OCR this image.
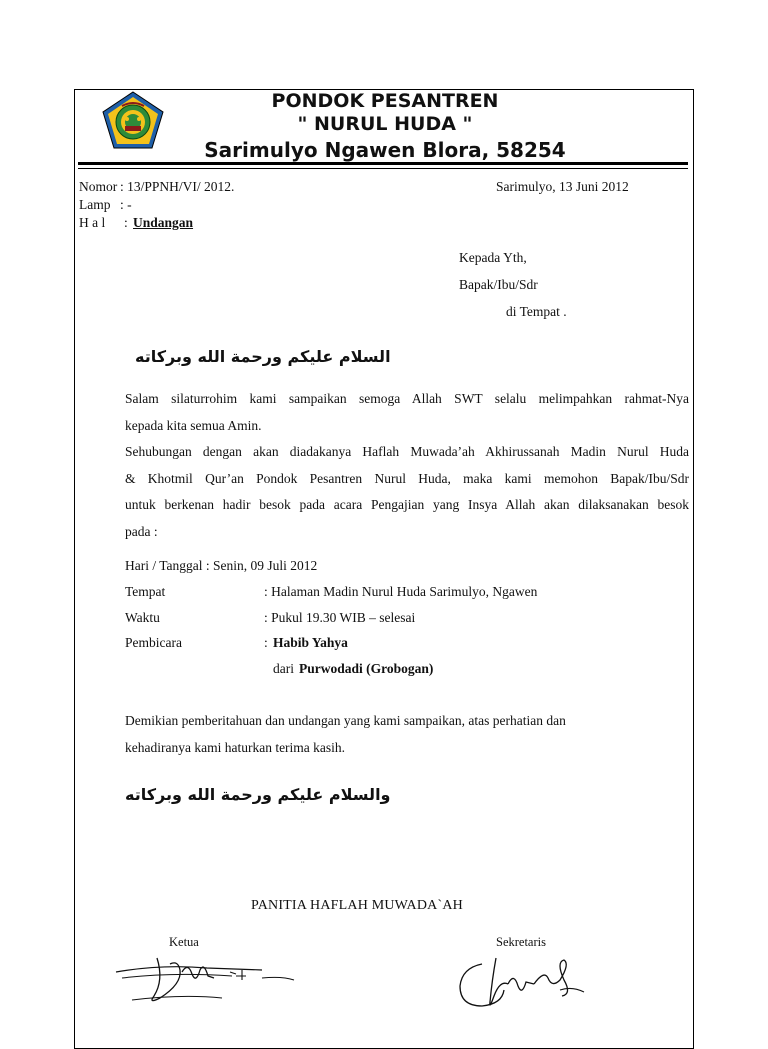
PONDOK PESANTREN
" NURUL HUDA "
Sarimulyo Ngawen Blora, 58254
Nomor : 13/PPNH/VI/ 2012.
Lamp : -
H a l : Undangan
Sarimulyo, 13 Juni 2012
Kepada Yth,
Bapak/Ibu/Sdr
di Tempat .
السلام عليكم ورحمة الله وبركاته
Salam silaturrohim kami sampaikan semoga Allah SWT selalu melimpahkan rahmat-Nya
kepada kita semua Amin.
Sehubungan dengan akan diadakanya Haflah Muwada’ah Akhirussanah Madin Nurul Huda
& Khotmil Qur’an Pondok Pesantren Nurul Huda, maka kami memohon Bapak/Ibu/Sdr
untuk berkenan hadir besok pada acara Pengajian yang Insya Allah akan dilaksanakan besok
pada :
Hari / Tanggal : Senin, 09 Juli 2012
Tempat	: Halaman Madin Nurul Huda Sarimulyo, Ngawen
Waktu	: Pukul 19.30 WIB – selesai
Pembicara	: Habib Yahya
dari Purwodadi (Grobogan)
Demikian pemberitahuan dan undangan yang kami sampaikan, atas perhatian dan
kehadiranya kami haturkan terima kasih.
والسلام عليكم ورحمة الله وبركاته
PANITIA HAFLAH MUWADA`AH
Ketua	Sekretaris
